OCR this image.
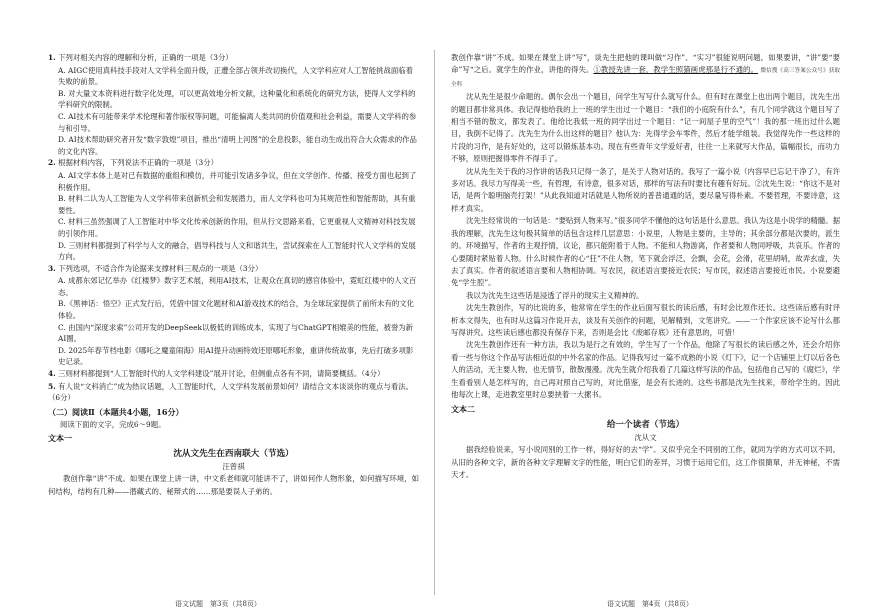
1. 下列对相关内容的理解和分析，正确的一项是（3分）

A. AIGC使用真科技手段对人文学科全面升级，正遭全部占领并改切换代，人文学科应对人工智能挑战面临着失败的前景。

B. 对大量文本资料进行数字化处理，可以更高效地分析文献，这种量化和系统化的研究方法，使得人文学科的学科研究的限制。

C. AI技术有可能带来学术伦理和著作版权等问题，可能偏离人类共同的价值观和社会利益，需要人文学科的参与和引导。

D. AI技术帮助研究者开发“数字敦煌”项目，推出“清明上河图”的全息投影，能自动生成出符合大众需求的作品的文化内容。

2. 根据材料内容，下列说法不正确的一项是（3分）

A. AI文学本体上是对已有数据的重组和模仿，并可能引发诸多争议，但在文学创作、传播、接受方面也起到了积极作用。

B. 材料二认为人工智能为人文学科带来创新机会和发展潜力，而人文学科也可为其规范性和智能帮助，具有重要性。

C. 材料三虽然强调了人工智能对中华文化传承创新的作用，但从行文思路来看，它更重视人文精神对科技发展的引领作用。

D. 三则材料都提到了科学与人文的融合，倡导科技与人文和谐共生，尝试探索在人工智能时代人文学科的发展方向。

3. 下列选项，不适合作为论据来支撑材料三观点的一项是（3分）

A. 成都东郊记忆举办《红楼梦》数字艺术展，利用AI技术，让观众在真切的感官体验中，霓虹红楼中的人文百态。

B.《黑神话：悟空》正式发行后，凭借中国文化题材和AI游戏技术的结合，为全球玩家提供了前所未有的文化体验。

C. 由国内“深度求索”公司开发的DeepSeek以极低的训练成本，实现了与ChatGPT相媲美的性能，被誉为新AI圈。

D. 2025年春节档电影《哪吒之魔童闹海》用AI提升动画特效还原哪吒形象，重讲传统故事，先后打破多项影史记录。

4. 三则材料都提到“人工智能时代的人文学科建设”展开讨论，但侧重点各有不同，请简要概括。（4分）

5. 有人说“文科消亡”成为热议话题，人工智能时代，人文学科发展前景如何？请结合文本谈谈你的观点与看法。（6分）

（二）阅读Ⅱ（本题共4小题，16分）

阅读下面的文字，完成6～9题。

文本一

沈从文先生在西南联大（节选）

汪曾祺

教创作靠“讲”不成。如果在课堂上讲一讲，中文系老师就可能讲不了，讲如何作人物形象，如何描写环境，如何结构，结构有几种——潜藏式的、秘辩式的……那是要误人子弟的。

教创作靠“讲”不成。如果在课堂上讲“写”，谈先生把他的课叫做“习作”、“实习”很能说明问题。如果要讲，“讲”要“要命”写“之后。就学生的作业，讲他的得失。①教授先讲一套，教学生照猫画虎那是行不通的。 微信搜《高三答案公众号》获取全科

沈从先生是很少命题的。偶尔会出一个题目，问学生写写什么就写什么。但有时在课堂上也出两个题目，沈先生出的题目都非常具体。我记得他给我的上一班的学生出过一个题目：“我们的小庭院有什么”，有几个同学就这个题目写了相当不错的散文，都发表了。他给比我低一班的同学出过一个题目：“记一间屋子里的空气”！我的那一班出过什么题目，我倒不记得了。沈先生为什么出这样的题目？他认为：先得学会车零件，然后才能学组装。我觉得先作一些这样的片段的习作，是有好处的，这可以锻炼基本功。现在有些青年文学爱好者，往往一上来就写大作品，篇幅很长，而功力不够，原则把握得零件不得手了。

沈从先生关于我的习作讲的话我只记得一条了，是关于人物对话的。我写了一篇小说（内容早已忘记干净了），有许多对话。我尽力写得美一些，有哲理，有诗意，很多对话，那样的写法有时要比有趣有好玩。②沈先生说：“你这不是对话，是两个聪明脑壳打架！”从此我知道对话就是人物所说的普普通通的话，要尽量写得朴素。不要哲理，不要诗意，这样才真实。

沈先生经常说的一句话是：“要贴到人物来写。”很多同学不懂他的这句话是什么意思。我认为这是小说学的精髓。据我的理解，沈先生这句极其简单的话包含这样几层意思：小说里，人物是主要的，主导的；其余部分都是次要的，派生的。环境描写，作者的主观抒情，议论，都只能附着于人物。不能和人物游离，作者要和人物同呼吸，共哀乐。作者的心要随时紧贴着人物。什么时候作者的心“狂”不住人物，笔下就会浮泛，会飘，会花，会滑，花里胡哨，故弄玄虚，失去了真实。作者的叙述语言要和人物相协调。写农民，叙述语言要接近农民；写市民，叙述语言要接近市民。小说要避免“学生腔”。

我以为沈先生这些话是浸透了浮升的现实主义精神的。

沈先生教创作，写的比说的多，他常常在学生的作业后面写很长的读后感，有时会比原作还长。这些读后感有时评析本文得失，也有时从这篇习作说开去，谈及有关创作的问题，见解精到，文笔讲究。——一个作家应该不论写什么都写得讲究。这些读后感也都没有保存下来，否则是会比《废邮存底》还有意思的，可惜！

沈先生教创作还有一种方法，我以为是行之有效的，学生写了一个作品，他除了写很长的读后感之外，还会介绍你看一些与你这个作品写法相近似的中外名家的作品。记得我写过一篇不成熟的小说《灯下》，记一个店铺里上灯以后各色人的活动，无主要人物，也无情节，散散漫漫。沈先生就介绍我看了几篇这样写法的作品，包括他自己写的《腐烂》，学生看看别人是怎样写的，自己再对照自己写的，对比借鉴，是会有长进的。这些书都是沈先生找来，带给学生的。因此他每次上课，走进教室里时总要挟着一大摞书。

文本二

给一个读者（节选）

沈从文

据我经验说来，写小说同别的工作一样，得好好的去“学”。又似乎完全不同别的工作，就同为学的方式可以不同。从旧的各种文字，新的各种文字理解文字的性能，明白它们的差异，习惯于运用它们，这工作很簡單，并无神秘，不需天才。

语文试题　第3页（共8页）	语文试题　第4页（共8页）
